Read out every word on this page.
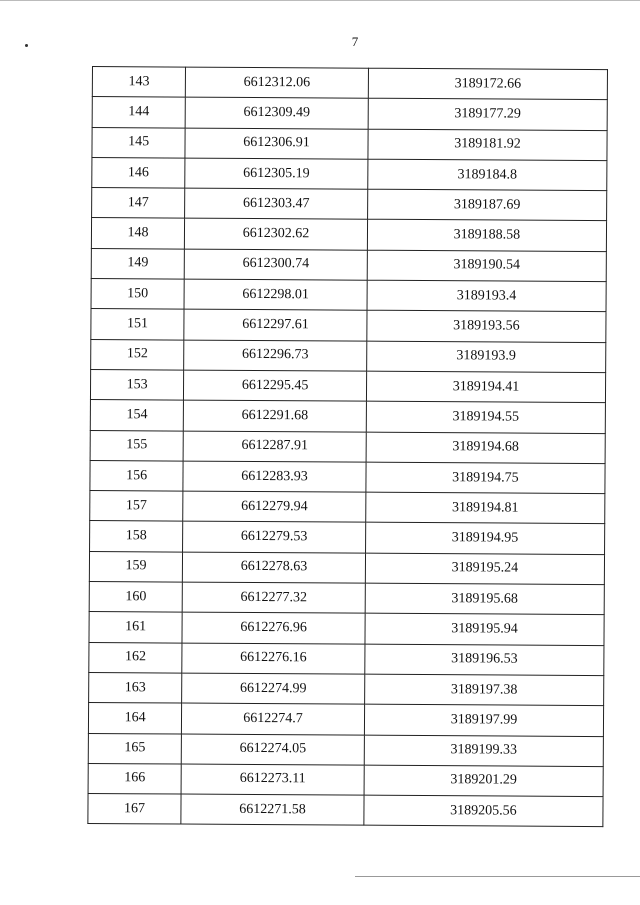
7
143	6612312.06	3189172.66
144	6612309.49	3189177.29
145	6612306.91	3189181.92
146	6612305.19	3189184.8
147	6612303.47	3189187.69
148	6612302.62	3189188.58
149	6612300.74	3189190.54
150	6612298.01	3189193.4
151	6612297.61	3189193.56
152	6612296.73	3189193.9
153	6612295.45	3189194.41
154	6612291.68	3189194.55
155	6612287.91	3189194.68
156	6612283.93	3189194.75
157	6612279.94	3189194.81
158	6612279.53	3189194.95
159	6612278.63	3189195.24
160	6612277.32	3189195.68
161	6612276.96	3189195.94
162	6612276.16	3189196.53
163	6612274.99	3189197.38
164	6612274.7	3189197.99
165	6612274.05	3189199.33
166	6612273.11	3189201.29
167	6612271.58	3189205.56
